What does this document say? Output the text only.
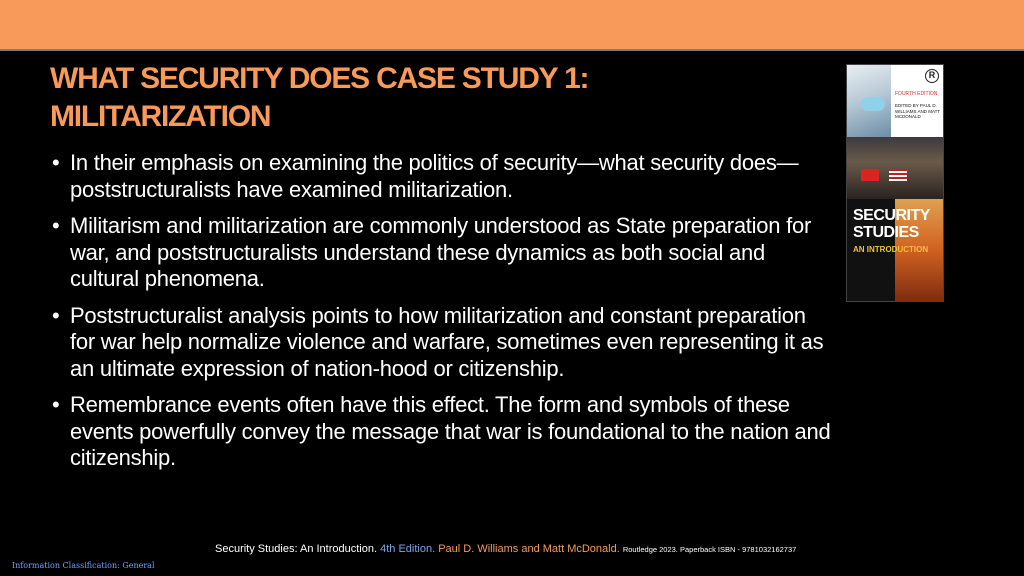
WHAT SECURITY DOES CASE STUDY 1:
MILITARIZATION
• In their emphasis on examining the politics of security—what security does—poststructuralists have examined militarization.
• Militarism and militarization are commonly understood as State preparation for war, and poststructuralists understand these dynamics as both social and cultural phenomena.
• Poststructuralist analysis points to how militarization and constant preparation for war help normalize violence and warfare, sometimes even representing it as an ultimate expression of nation-hood or citizenship.
• Remembrance events often have this effect. The form and symbols of these events powerfully convey the message that war is foundational to the nation and citizenship.
R
FOURTH EDITION
EDITED BY PAUL D. WILLIAMS AND MATT MCDONALD
SECURITY
STUDIES
AN INTRODUCTION
Security Studies: An Introduction. 4th Edition. Paul D. Williams and Matt McDonald. Routledge 2023. Paperback ISBN - 9781032162737
Information Classification: General
